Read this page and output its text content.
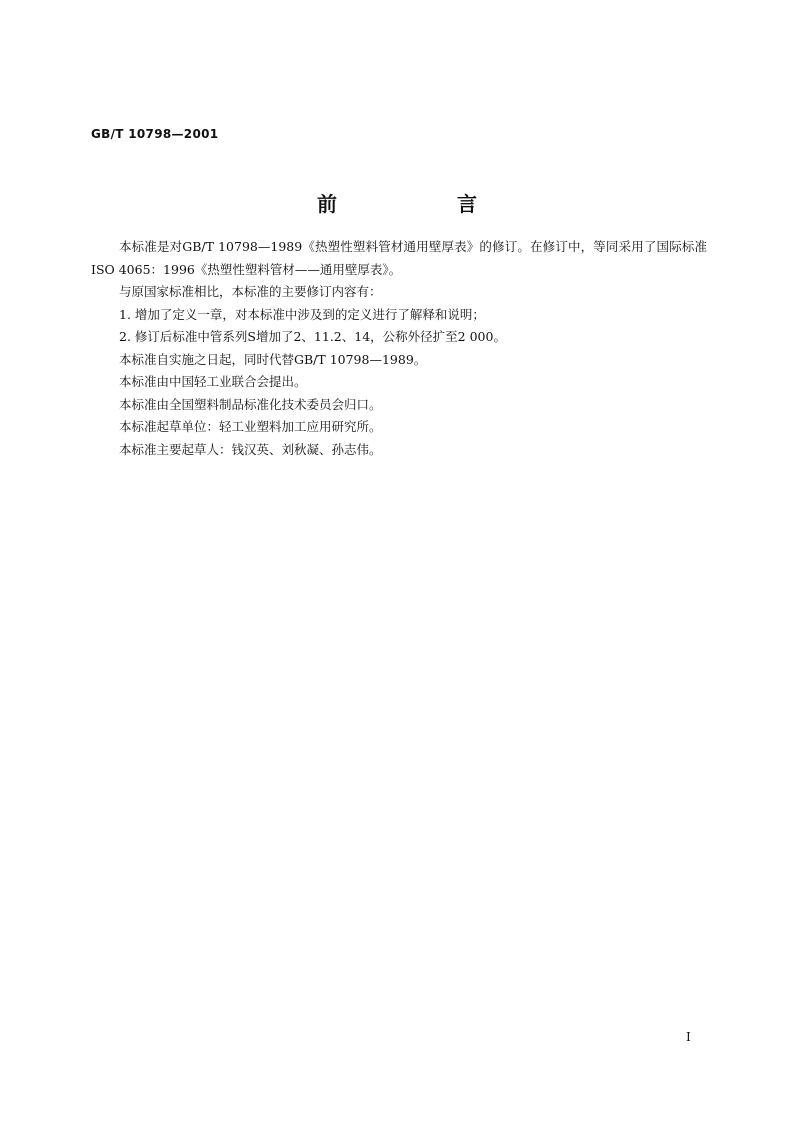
GB/T 10798—2001
前　言

本标准是对GB/T 10798—1989《热塑性塑料管材通用壁厚表》的修订。在修订中，等同采用了国际标准ISO 4065：1996《热塑性塑料管材——通用壁厚表》。

与原国家标准相比，本标准的主要修订内容有：

1. 增加了定义一章，对本标准中涉及到的定义进行了解释和说明；

2. 修订后标准中管系列S增加了2、11.2、14，公称外径扩至2 000。

本标准自实施之日起，同时代替GB/T 10798—1989。

本标准由中国轻工业联合会提出。

本标准由全国塑料制品标准化技术委员会归口。

本标准起草单位：轻工业塑料加工应用研究所。

本标准主要起草人：钱汉英、刘秋凝、孙志伟。

I
